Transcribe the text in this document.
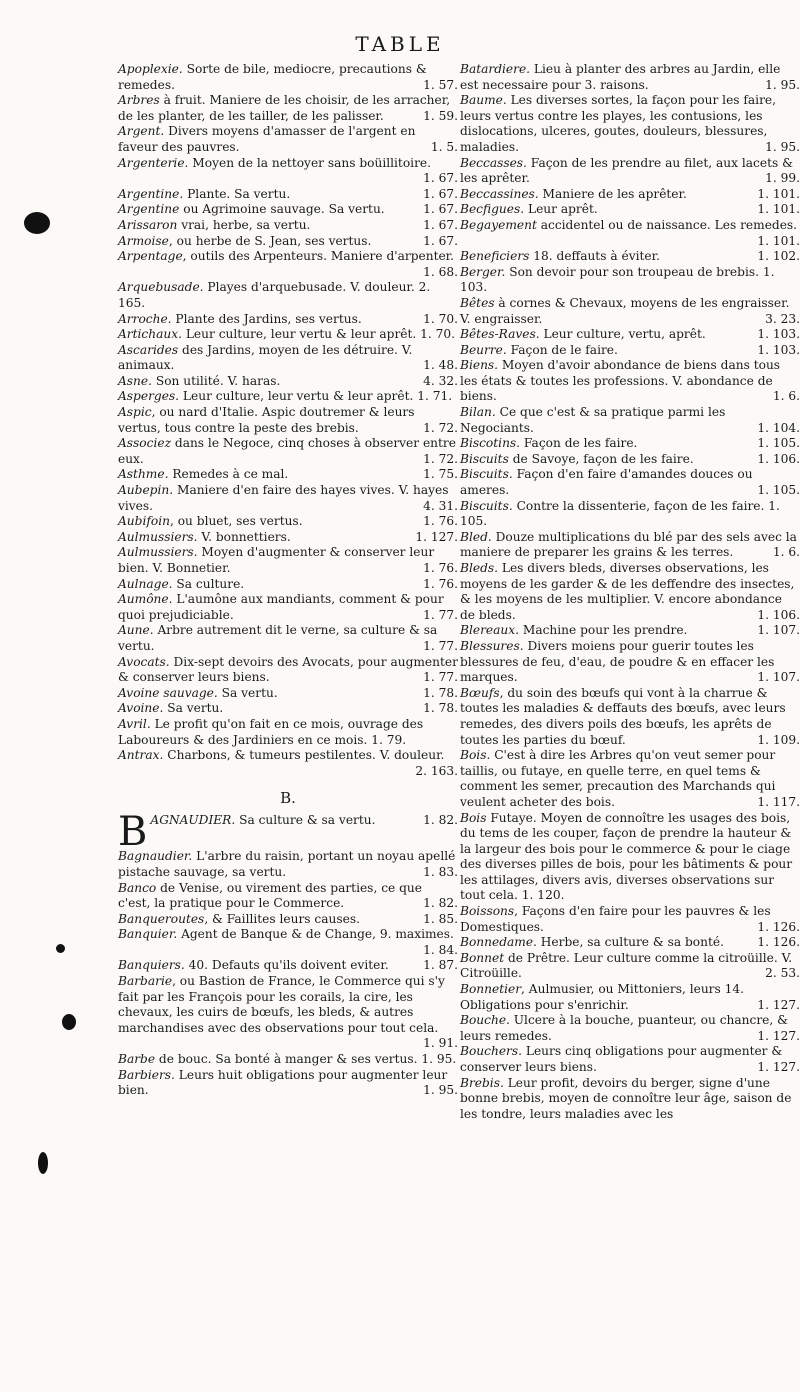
TABLE

Apoplexie. Sorte de bile, mediocre, precautions & remedes.	1. 57.

Arbres à fruit. Maniere de les choisir, de les arracher, de les planter, de les tailler, de les palisser.	1. 59.

Argent. Divers moyens d'amasser de l'argent en faveur des pauvres.	1. 5.

Argenterie. Moyen de la nettoyer sans boüillitoire.
1. 67.

Argentine. Plante. Sa vertu.	1. 67.

Argentine ou Agrimoine sauvage. Sa vertu.	1. 67.

Arissaron vrai, herbe, sa vertu.	1. 67.

Armoise, ou herbe de S. Jean, ses vertus.	1. 67.

Arpentage, outils des Arpenteurs. Maniere d'arpenter.
1. 68.

Arquebusade. Playes d'arquebusade. V. douleur. 2. 165.

Arroche. Plante des Jardins, ses vertus.	1. 70.

Artichaux. Leur culture, leur vertu & leur aprêt. 1. 70.

Ascarides des Jardins, moyen de les détruire. V. animaux.	1. 48.

Asne. Son utilité. V. haras.	4. 32.

Asperges. Leur culture, leur vertu & leur aprêt. 1. 71.

Aspic, ou nard d'Italie. Aspic doutremer & leurs vertus, tous contre la peste des brebis.	1. 72.

Associez dans le Negoce, cinq choses à observer entre eux.	1. 72.

Asthme. Remedes à ce mal.	1. 75.

Aubepin. Maniere d'en faire des hayes vives. V. hayes vives.	4. 31.

Aubifoin, ou bluet, ses vertus.	1. 76.

Aulmussiers. V. bonnettiers.	1. 127.

Aulmussiers. Moyen d'augmenter & conserver leur bien. V. Bonnetier.	1. 76.

Aulnage. Sa culture.	1. 76.

Aumône. L'aumône aux mandiants, comment & pour quoi prejudiciable.	1. 77.

Aune. Arbre autrement dit le verne, sa culture & sa vertu.	1. 77.

Avocats. Dix-sept devoirs des Avocats, pour augmenter & conserver leurs biens.	1. 77.

Avoine sauvage. Sa vertu.	1. 78.

Avoine. Sa vertu.	1. 78.

Avril. Le profit qu'on fait en ce mois, ouvrage des Laboureurs & des Jardiniers en ce mois. 1. 79.

Antrax. Charbons, & tumeurs pestilentes. V. douleur.
2. 163.

B.

BAGNAUDIER. Sa culture & sa vertu.	1. 82.

Bagnaudier. L'arbre du raisin, portant un noyau apellé pistache sauvage, sa vertu.	1. 83.

Banco de Venise, ou virement des parties, ce que c'est, la pratique pour le Commerce.	1. 82.

Banqueroutes, & Faillites leurs causes.	1. 85.

Banquier. Agent de Banque & de Change, 9. maximes.
1. 84.

Banquiers. 40. Defauts qu'ils doivent eviter.	1. 87.

Barbarie, ou Bastion de France, le Commerce qui s'y fait par les François pour les corails, la cire, les chevaux, les cuirs de bœufs, les bleds, & autres marchandises avec des observations pour tout cela.
1. 91.

Barbe de bouc. Sa bonté à manger & ses vertus. 1. 95.

Barbiers. Leurs huit obligations pour augmenter leur bien.	1. 95.

Batardiere. Lieu à planter des arbres au Jardin, elle est necessaire pour 3. raisons.	1. 95.

Baume. Les diverses sortes, la façon pour les faire, leurs vertus contre les playes, les contusions, les dislocations, ulceres, goutes, douleurs, blessures, maladies.	1. 95.

Beccasses. Façon de les prendre au filet, aux lacets & les aprêter.	1. 99.

Beccassines. Maniere de les aprêter.	1. 101.

Becfigues. Leur aprêt.	1. 101.

Begayement accidentel ou de naissance. Les remedes.
1. 101.

Beneficiers 18. deffauts à éviter.	1. 102.

Berger. Son devoir pour son troupeau de brebis. 1. 103.

Bêtes à cornes & Chevaux, moyens de les engraisser. V. engraisser.	3. 23.

Bêtes-Raves. Leur culture, vertu, aprêt.	1. 103.

Beurre. Façon de le faire.	1. 103.

Biens. Moyen d'avoir abondance de biens dans tous les états & toutes les professions. V. abondance de biens.	1. 6.

Bilan. Ce que c'est & sa pratique parmi les Negociants.	1. 104.

Biscotins. Façon de les faire.	1. 105.

Biscuits de Savoye, façon de les faire.	1. 106.

Biscuits. Façon d'en faire d'amandes douces ou ameres.	1. 105.

Biscuits. Contre la dissenterie, façon de les faire. 1. 105.

Bled. Douze multiplications du blé par des sels avec la maniere de preparer les grains & les terres.	1. 6.

Bleds. Les divers bleds, diverses observations, les moyens de les garder & de les deffendre des insectes, & les moyens de les multiplier. V. encore abondance de bleds.	1. 106.

Blereaux. Machine pour les prendre.	1. 107.

Blessures. Divers moiens pour guerir toutes les blessures de feu, d'eau, de poudre & en effacer les marques.	1. 107.

Bœufs, du soin des bœufs qui vont à la charrue & toutes les maladies & deffauts des bœufs, avec leurs remedes, des divers poils des bœufs, les aprêts de toutes les parties du bœuf.	1. 109.

Bois. C'est à dire les Arbres qu'on veut semer pour taillis, ou futaye, en quelle terre, en quel tems & comment les semer, precaution des Marchands qui veulent acheter des bois.	1. 117.

Bois Futaye. Moyen de connoître les usages des bois, du tems de les couper, façon de prendre la hauteur & la largeur des bois pour le commerce & pour le ciage des diverses pilles de bois, pour les bâtiments & pour les attilages, divers avis, diverses observations sur tout cela. 1. 120.

Boissons, Façons d'en faire pour les pauvres & les Domestiques.	1. 126.

Bonnedame. Herbe, sa culture & sa bonté.	1. 126.

Bonnet de Prêtre. Leur culture comme la citroüille. V. Citroüille.	2. 53.

Bonnetier, Aulmusier, ou Mittoniers, leurs 14. Obligations pour s'enrichir.	1. 127.

Bouche. Ulcere à la bouche, puanteur, ou chancre, & leurs remedes.	1. 127.

Bouchers. Leurs cinq obligations pour augmenter & conserver leurs biens.	1. 127.

Brebis. Leur profit, devoirs du berger, signe d'une bonne brebis, moyen de connoître leur âge, saison de les tondre, leurs maladies avec les
